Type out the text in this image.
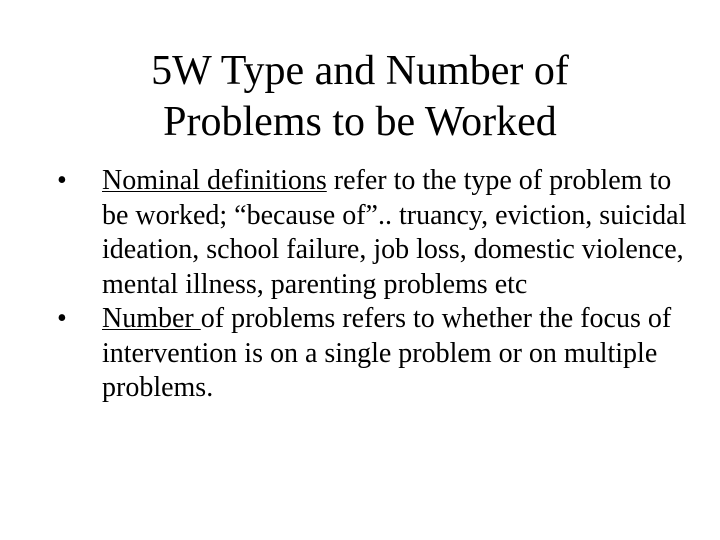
5W Type and Number of
Problems to be Worked
•	Nominal definitions refer to the type of problem to be worked; “because of”.. truancy, eviction, suicidal ideation, school failure, job loss, domestic violence, mental illness, parenting problems etc
•	Number of problems refers to whether the focus of intervention is on a single problem or on multiple problems.
